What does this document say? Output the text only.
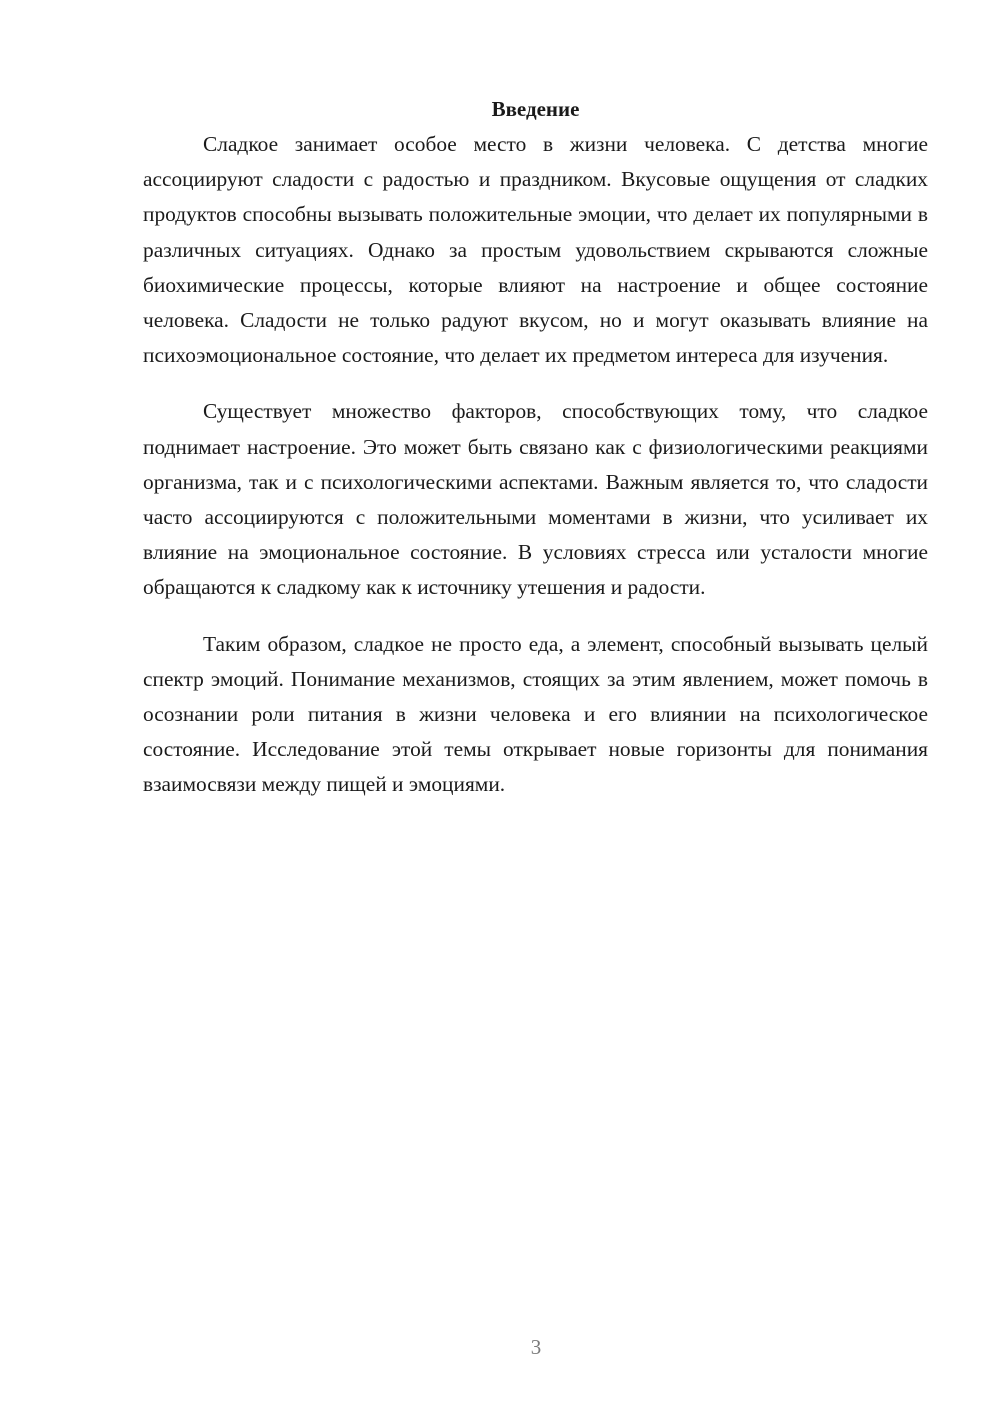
Введение

Сладкое занимает особое место в жизни человека. С детства многие ассоциируют сладости с радостью и праздником. Вкусовые ощущения от сладких продуктов способны вызывать положительные эмоции, что делает их популярными в различных ситуациях. Однако за простым удовольствием скрываются сложные биохимические процессы, которые влияют на настроение и общее состояние человека. Сладости не только радуют вкусом, но и могут оказывать влияние на психоэмоциональное состояние, что делает их предметом интереса для изучения.

Существует множество факторов, способствующих тому, что сладкое поднимает настроение. Это может быть связано как с физиологическими реакциями организма, так и с психологическими аспектами. Важным является то, что сладости часто ассоциируются с положительными моментами в жизни, что усиливает их влияние на эмоциональное состояние. В условиях стресса или усталости многие обращаются к сладкому как к источнику утешения и радости.

Таким образом, сладкое не просто еда, а элемент, способный вызывать целый спектр эмоций. Понимание механизмов, стоящих за этим явлением, может помочь в осознании роли питания в жизни человека и его влиянии на психологическое состояние. Исследование этой темы открывает новые горизонты для понимания взаимосвязи между пищей и эмоциями.

3
